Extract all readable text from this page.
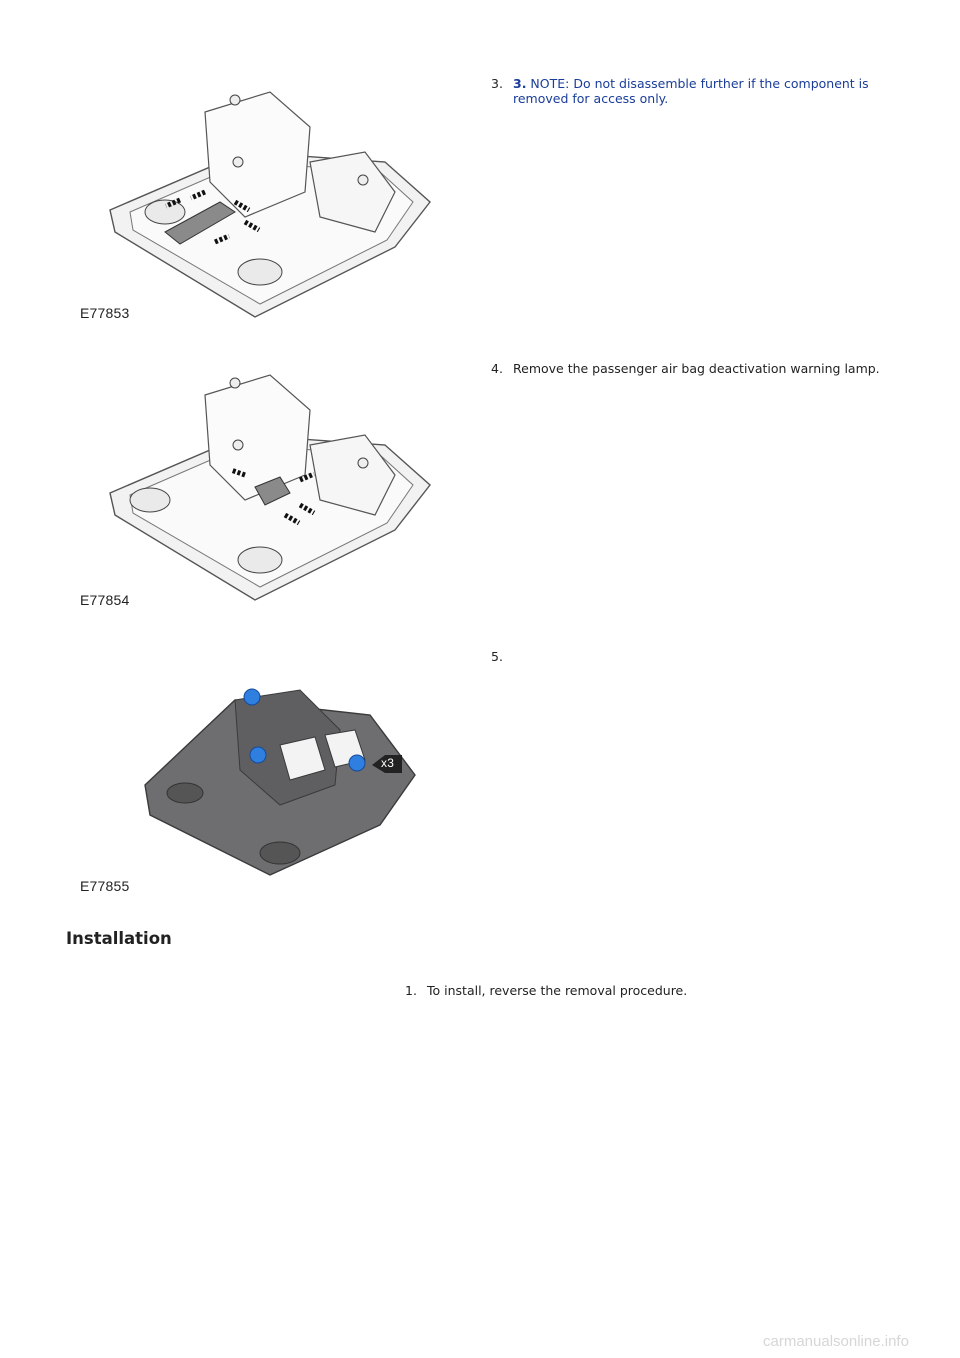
E77853
3. 3. NOTE: Do not disassemble further if the component is removed for access only.
E77854
4. Remove the passenger air bag deactivation warning lamp.
x3
E77855
5.
Installation
1. To install, reverse the removal procedure.
carmanualsonline.info
